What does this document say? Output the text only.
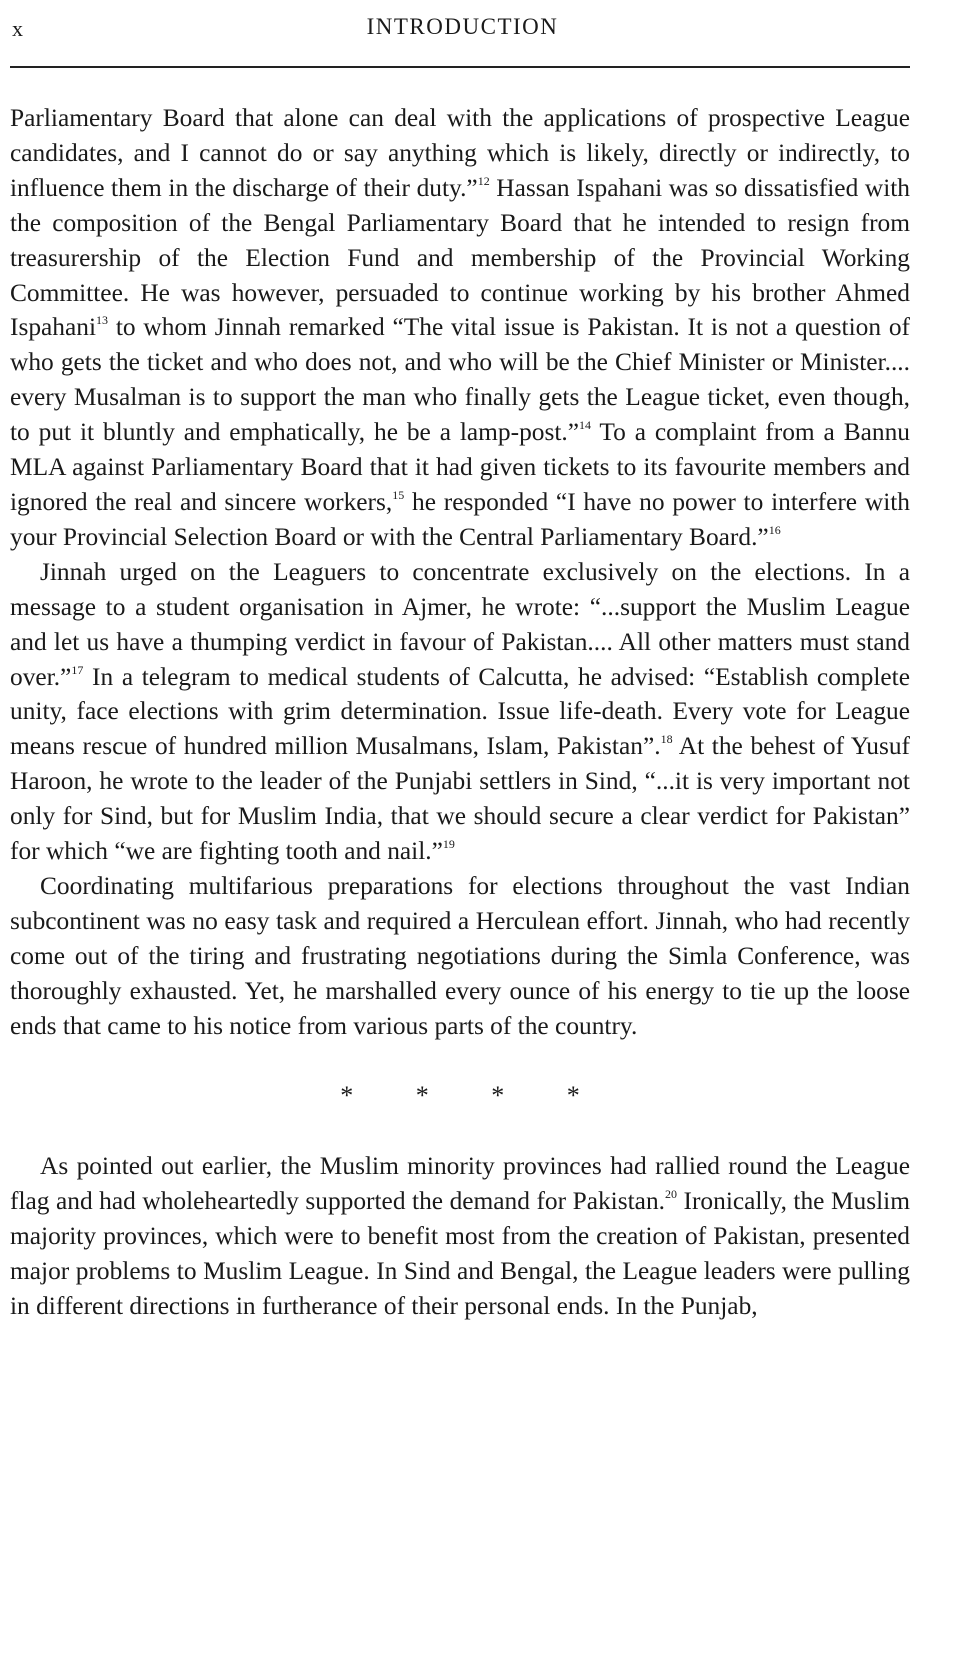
x	INTRODUCTION

Parliamentary Board that alone can deal with the applications of prospective League candidates, and I cannot do or say anything which is likely, directly or indirectly, to influence them in the discharge of their duty.”$^{12}$ Hassan Ispahani was so dissatisfied with the composition of the Bengal Parliamentary Board that he intended to resign from treasurership of the Election Fund and membership of the Provincial Working Committee. He was however, persuaded to continue working by his brother Ahmed Ispahani$^{13}$ to whom Jinnah remarked “The vital issue is Pakistan. It is not a question of who gets the ticket and who does not, and who will be the Chief Minister or Minister.... every Musalman is to support the man who finally gets the League ticket, even though, to put it bluntly and emphatically, he be a lamp-post.”$^{14}$ To a complaint from a Bannu MLA against Parliamentary Board that it had given tickets to its favourite members and ignored the real and sincere workers,$^{15}$ he responded “I have no power to interfere with your Provincial Selection Board or with the Central Parliamentary Board.”$^{16}$

Jinnah urged on the Leaguers to concentrate exclusively on the elections. In a message to a student organisation in Ajmer, he wrote: “...support the Muslim League and let us have a thumping verdict in favour of Pakistan.... All other matters must stand over.”$^{17}$ In a telegram to medical students of Calcutta, he advised: “Establish complete unity, face elections with grim determination. Issue life-death. Every vote for League means rescue of hundred million Musalmans, Islam, Pakistan”.$^{18}$ At the behest of Yusuf Haroon, he wrote to the leader of the Punjabi settlers in Sind, “...it is very important not only for Sind, but for Muslim India, that we should secure a clear verdict for Pakistan” for which “we are fighting tooth and nail.”$^{19}$

Coordinating multifarious preparations for elections throughout the vast Indian subcontinent was no easy task and required a Herculean effort. Jinnah, who had recently come out of the tiring and frustrating negotiations during the Simla Conference, was thoroughly exhausted. Yet, he marshalled every ounce of his energy to tie up the loose ends that came to his notice from various parts of the country.

* * * *

As pointed out earlier, the Muslim minority provinces had rallied round the League flag and had wholeheartedly supported the demand for Pakistan.$^{20}$ Ironically, the Muslim majority provinces, which were to benefit most from the creation of Pakistan, presented major problems to Muslim League. In Sind and Bengal, the League leaders were pulling in different directions in furtherance of their personal ends. In the Punjab,
